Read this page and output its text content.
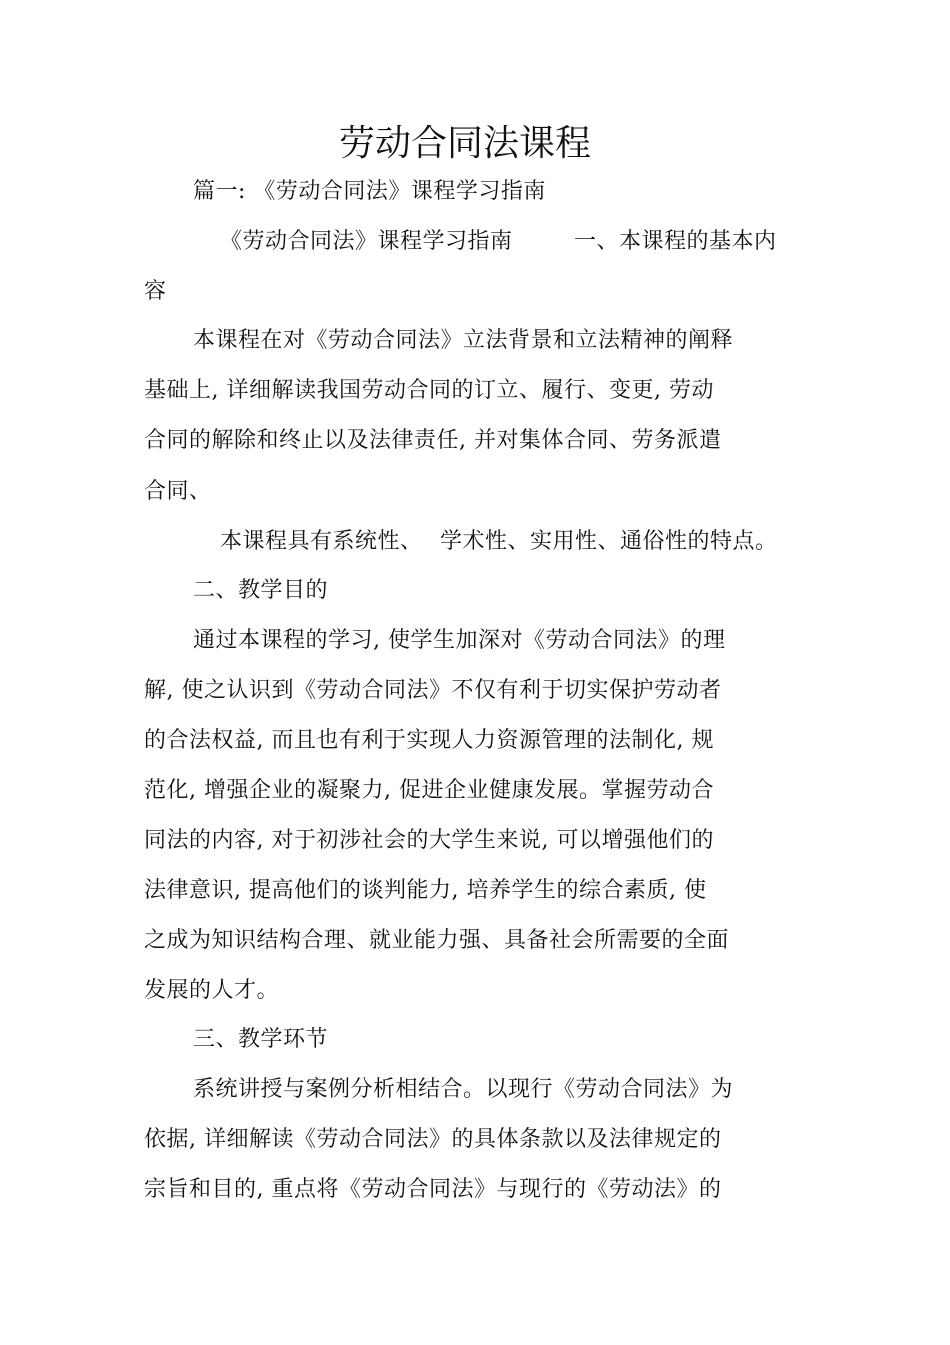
劳动合同法课程
篇一: 《劳动合同法》课程学习指南
《劳动合同法》课程学习指南	一、本课程的基本内
容
本课程在对《劳动合同法》立法背景和立法精神的阐释
基础上, 详细解读我国劳动合同的订立、履行、变更, 劳动
合同的解除和终止以及法律责任, 并对集体合同、劳务派遣
合同、
本课程具有系统性、 学术性、实用性、通俗性的特点。
二、教学目的
通过本课程的学习, 使学生加深对《劳动合同法》的理
解, 使之认识到《劳动合同法》不仅有利于切实保护劳动者
的合法权益, 而且也有利于实现人力资源管理的法制化, 规
范化, 增强企业的凝聚力, 促进企业健康发展。掌握劳动合
同法的内容, 对于初涉社会的大学生来说, 可以增强他们的
法律意识, 提高他们的谈判能力, 培养学生的综合素质, 使
之成为知识结构合理、就业能力强、具备社会所需要的全面
发展的人才。
三、教学环节
系统讲授与案例分析相结合。以现行《劳动合同法》为
依据, 详细解读《劳动合同法》的具体条款以及法律规定的
宗旨和目的, 重点将《劳动合同法》与现行的《劳动法》的
